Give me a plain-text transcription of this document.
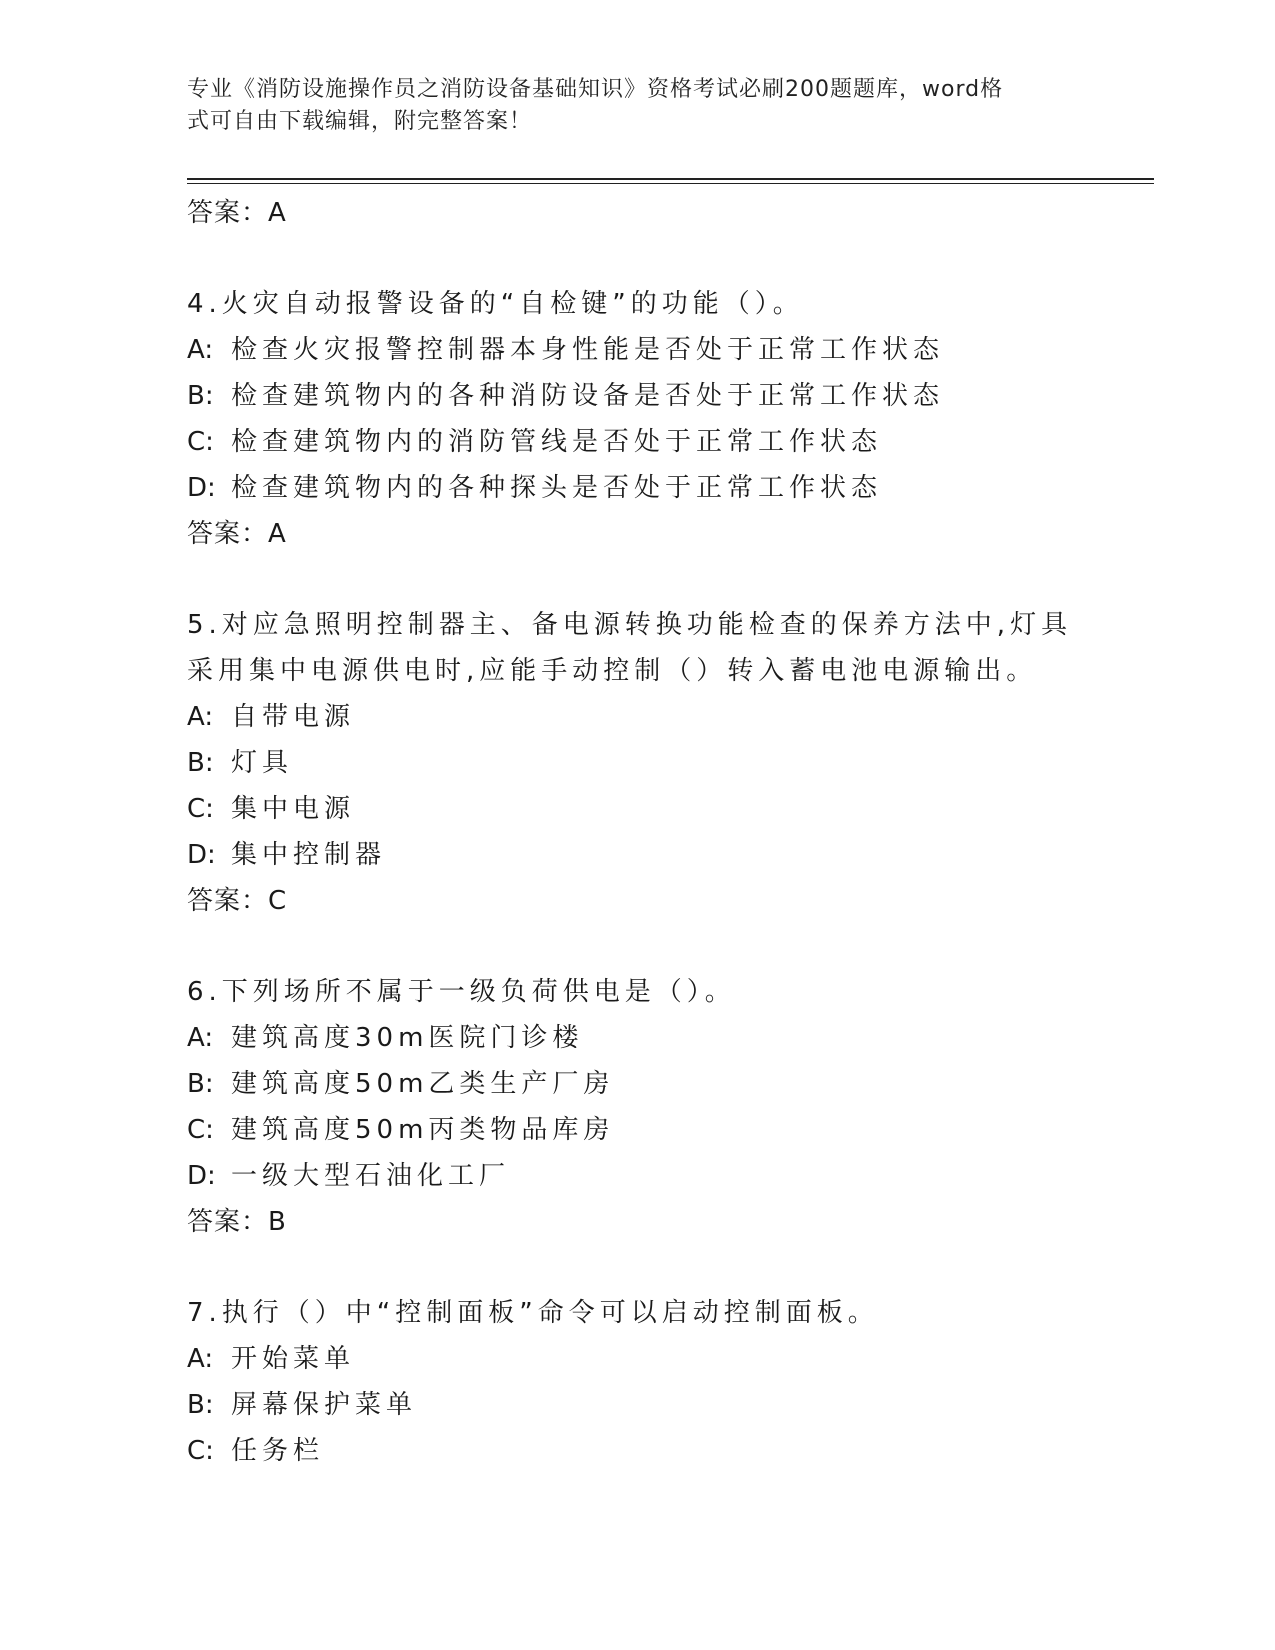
专业《消防设施操作员之消防设备基础知识》资格考试必刷200题题库，word格
式可自由下载编辑，附完整答案！
答案：A
4.火灾自动报警设备的“自检键”的功能（）。
A: 检查火灾报警控制器本身性能是否处于正常工作状态
B: 检查建筑物内的各种消防设备是否处于正常工作状态
C: 检查建筑物内的消防管线是否处于正常工作状态
D: 检查建筑物内的各种探头是否处于正常工作状态
答案：A
5.对应急照明控制器主、备电源转换功能检查的保养方法中,灯具采用集中电源供电时,应能手动控制（）转入蓄电池电源输出。
A: 自带电源
B: 灯具
C: 集中电源
D: 集中控制器
答案：C
6.下列场所不属于一级负荷供电是（）。
A: 建筑高度30m医院门诊楼
B: 建筑高度50m乙类生产厂房
C: 建筑高度50m丙类物品库房
D: 一级大型石油化工厂
答案：B
7.执行（）中“控制面板”命令可以启动控制面板。
A: 开始菜单
B: 屏幕保护菜单
C: 任务栏
